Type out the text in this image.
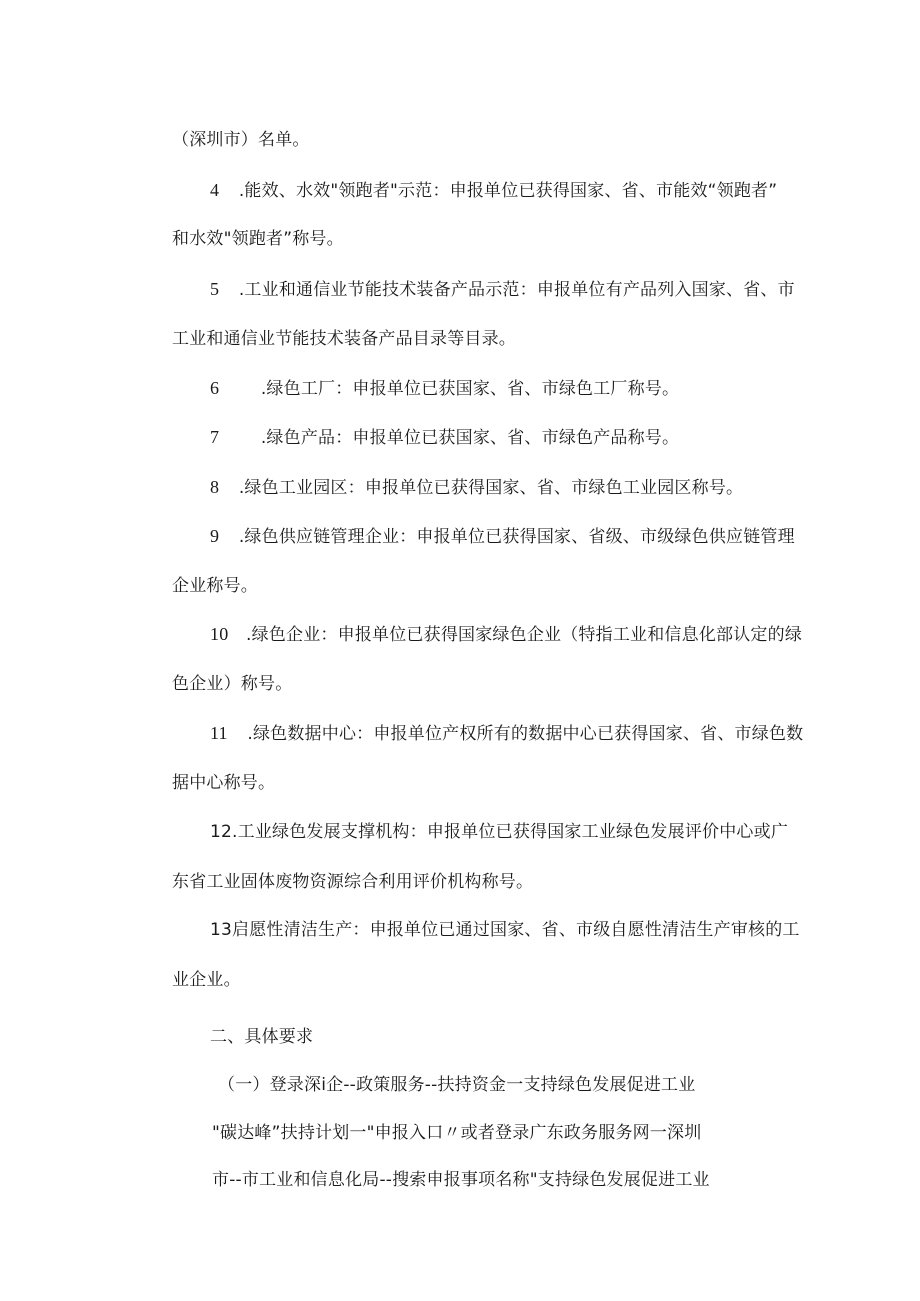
（深圳市）名单。
4 .能效、水效"领跑者"示范：申报单位已获得国家、省、市能效“领跑者”
和水效"领跑者”称号。
5 .工业和通信业节能技术装备产品示范：申报单位有产品列入国家、省、市
工业和通信业节能技术装备产品目录等目录。
6 .绿色工厂：申报单位已获国家、省、市绿色工厂称号。
7 .绿色产品：申报单位已获国家、省、市绿色产品称号。
8 .绿色工业园区：申报单位已获得国家、省、市绿色工业园区称号。
9 .绿色供应链管理企业：申报单位已获得国家、省级、市级绿色供应链管理
企业称号。
10 .绿色企业：申报单位已获得国家绿色企业（特指工业和信息化部认定的绿
色企业）称号。
11 .绿色数据中心：申报单位产权所有的数据中心已获得国家、省、市绿色数
据中心称号。
12.工业绿色发展支撑机构：申报单位已获得国家工业绿色发展评价中心或广
东省工业固体废物资源综合利用评价机构称号。
13启愿性清洁生产：申报单位已通过国家、省、市级自愿性清洁生产审核的工
业企业。
二、具体要求
（一）登录深i企--政策服务--扶持资金一支持绿色发展促进工业
"碳达峰”扶持计划一"申报入口〃或者登录广东政务服务网一深圳
市--市工业和信息化局--搜索申报事项名称"支持绿色发展促进工业
